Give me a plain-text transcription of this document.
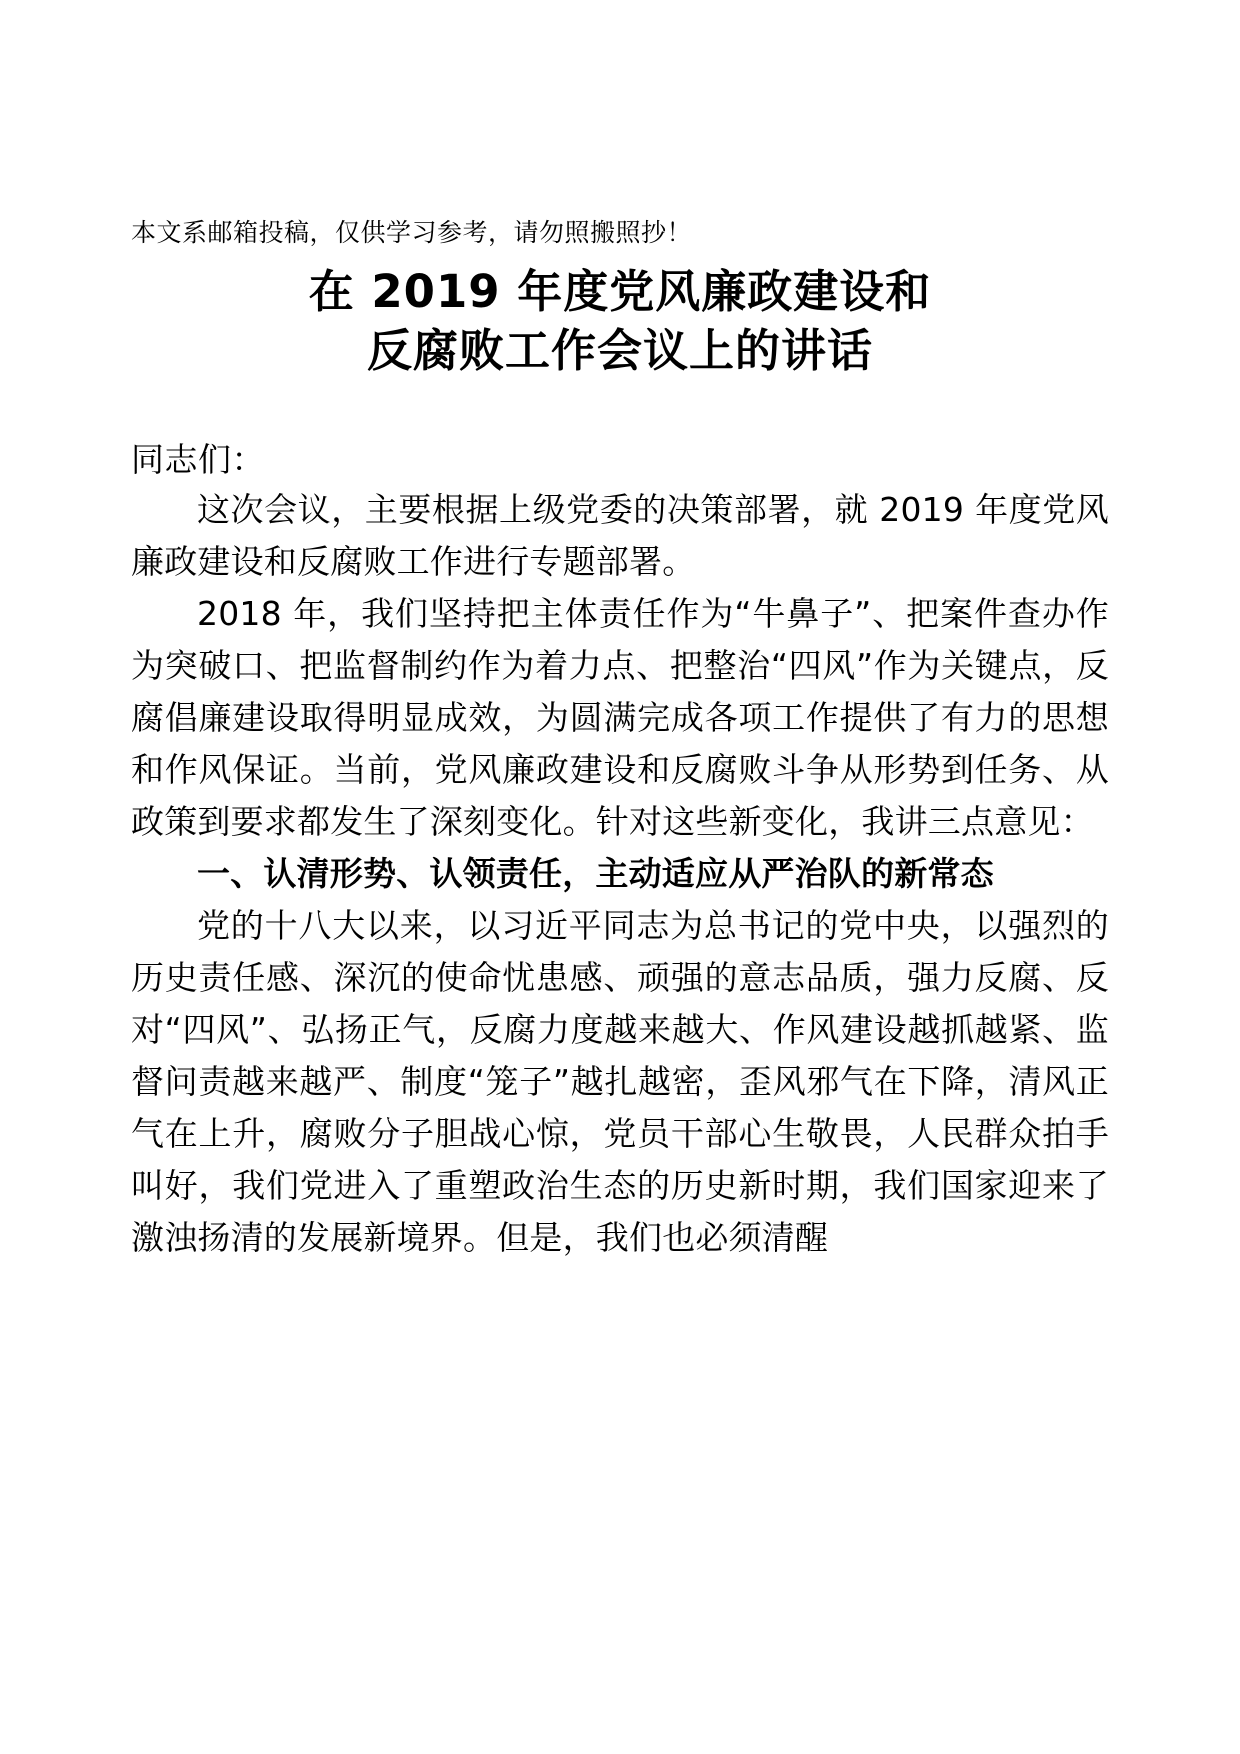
本文系邮箱投稿，仅供学习参考，请勿照搬照抄！
在 2019 年度党风廉政建设和
反腐败工作会议上的讲话
同志们：

这次会议，主要根据上级党委的决策部署，就 2019 年度党风廉政建设和反腐败工作进行专题部署。

2018 年，我们坚持把主体责任作为“牛鼻子”、把案件查办作为突破口、把监督制约作为着力点、把整治“四风”作为关键点，反腐倡廉建设取得明显成效，为圆满完成各项工作提供了有力的思想和作风保证。当前，党风廉政建设和反腐败斗争从形势到任务、从政策到要求都发生了深刻变化。针对这些新变化，我讲三点意见：

一、认清形势、认领责任，主动适应从严治队的新常态

党的十八大以来，以习近平同志为总书记的党中央，以强烈的历史责任感、深沉的使命忧患感、顽强的意志品质，强力反腐、反对“四风”、弘扬正气，反腐力度越来越大、作风建设越抓越紧、监督问责越来越严、制度“笼子”越扎越密，歪风邪气在下降，清风正气在上升，腐败分子胆战心惊，党员干部心生敬畏，人民群众拍手叫好，我们党进入了重塑政治生态的历史新时期，我们国家迎来了激浊扬清的发展新境界。但是，我们也必须清醒
